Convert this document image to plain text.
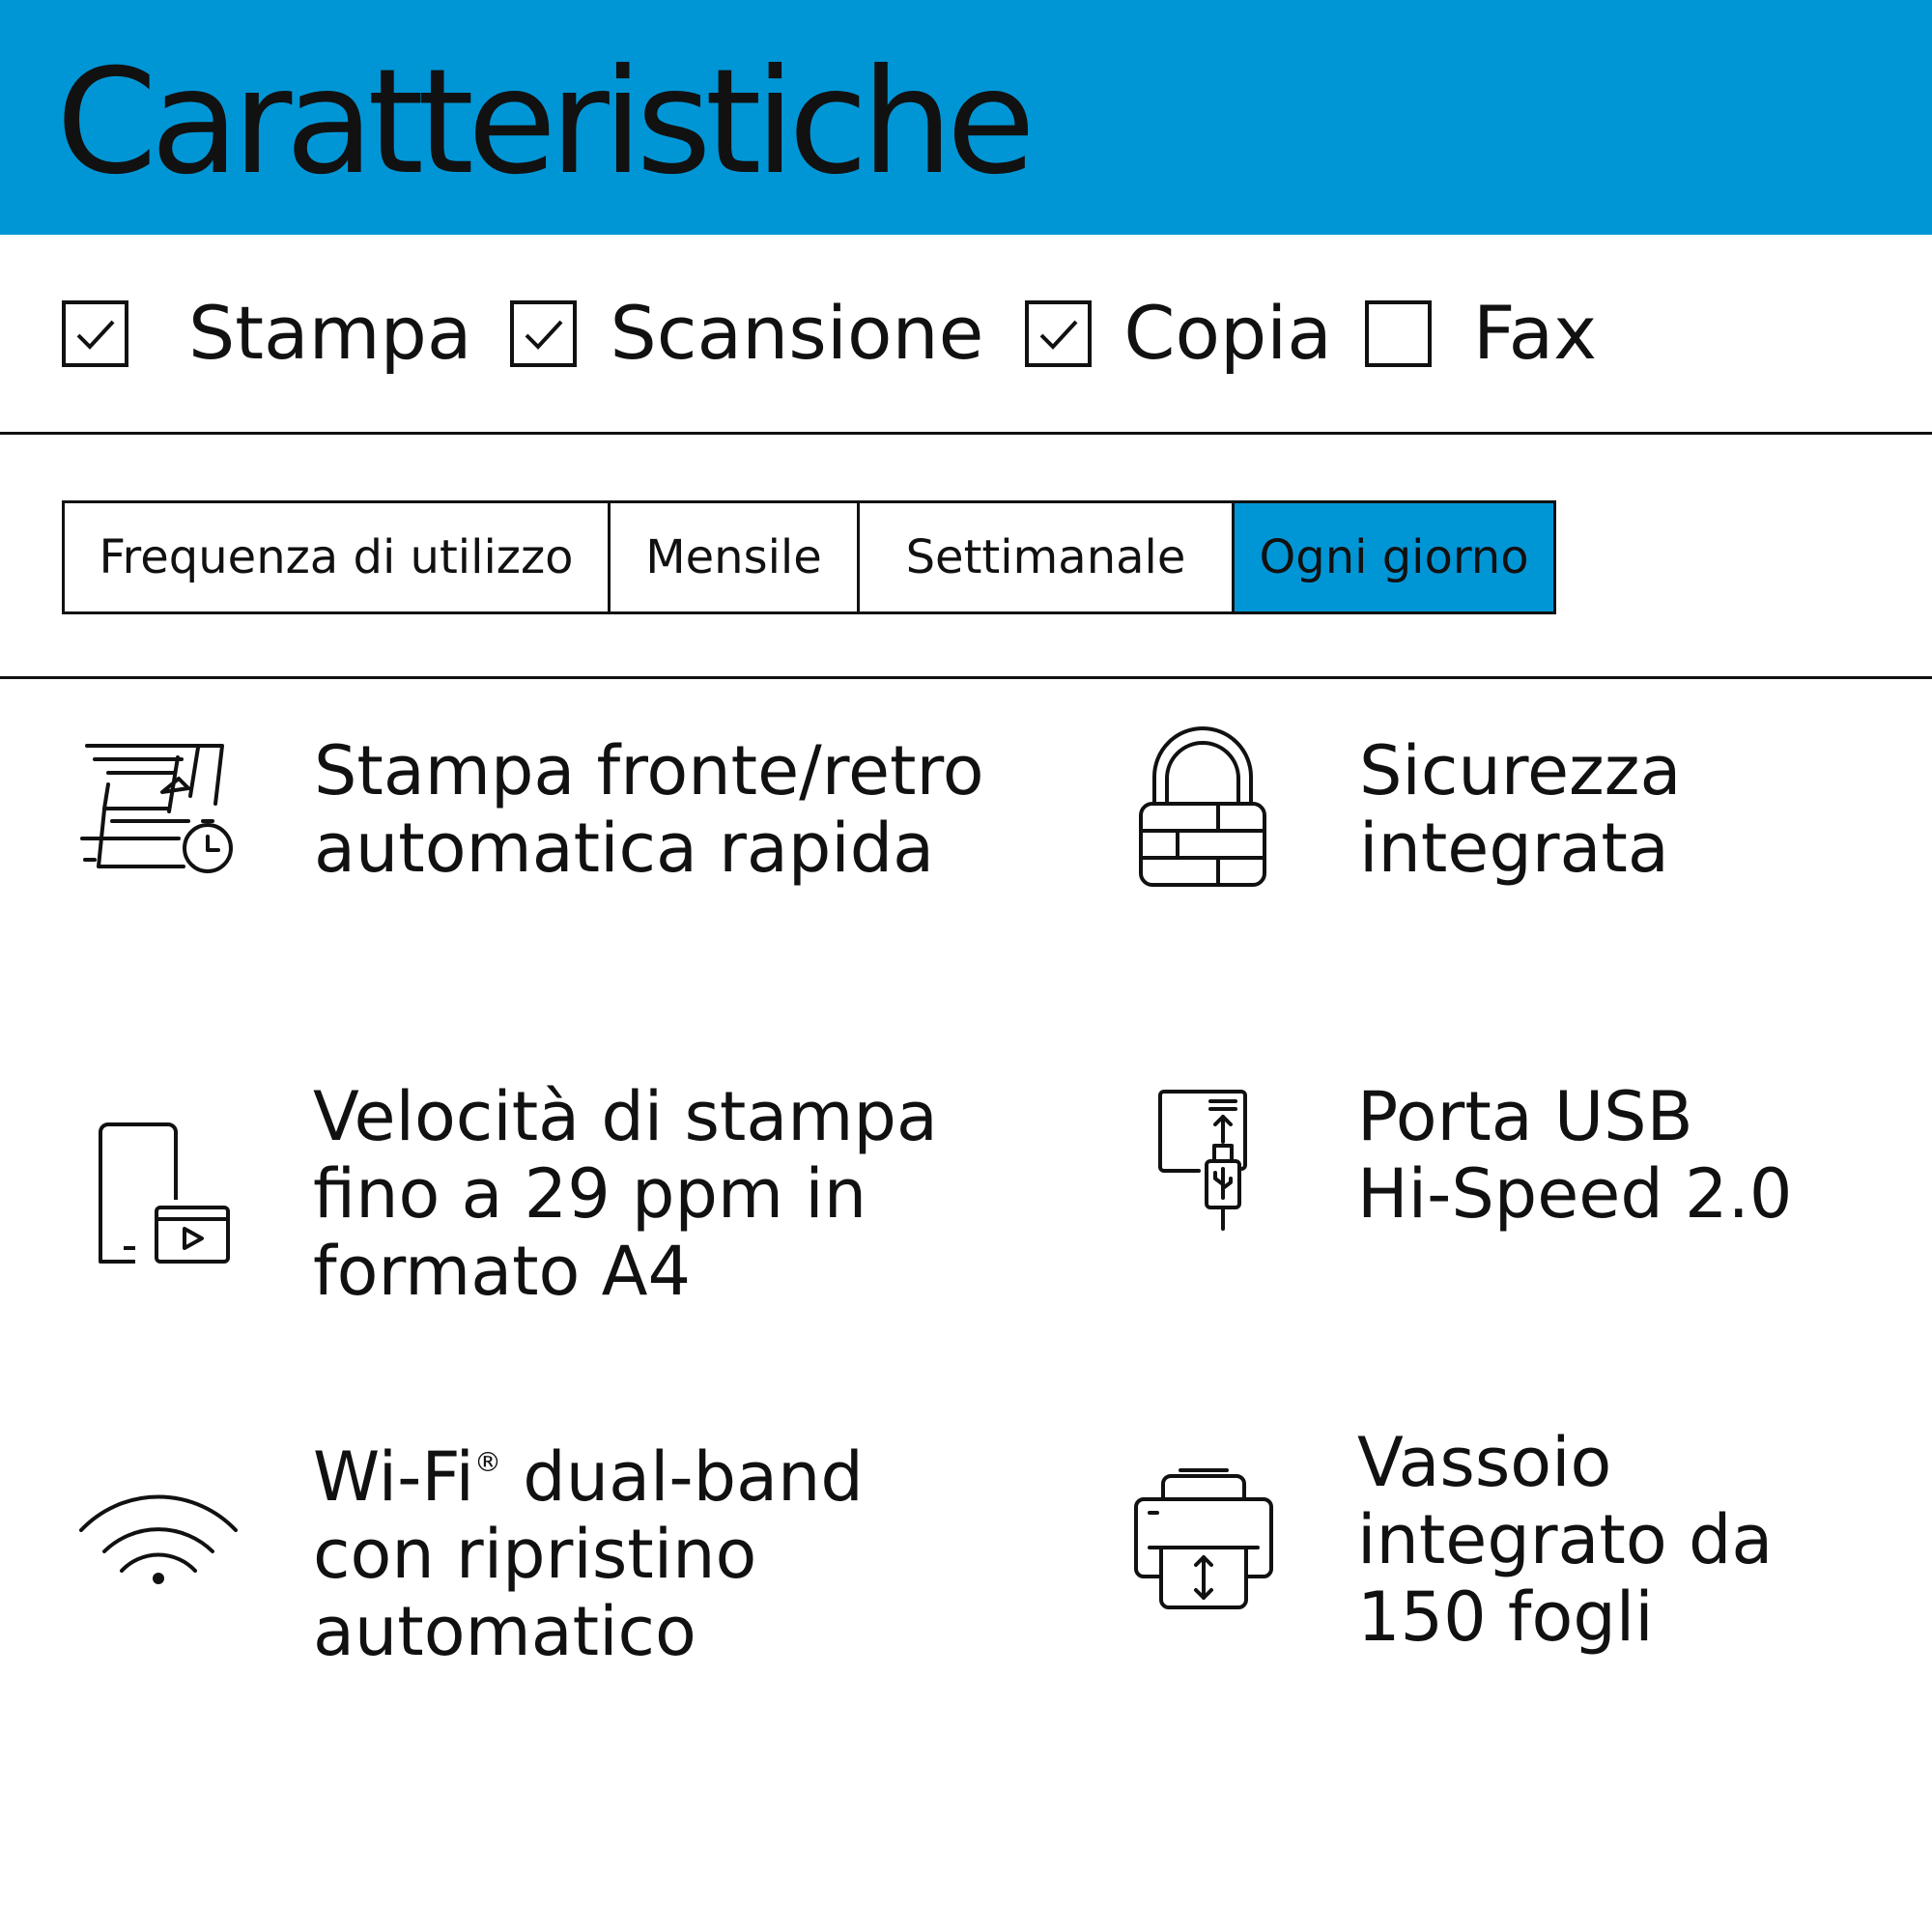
Caratteristiche
Stampa Scansione Copia Fax
Frequenza di utilizzo	Mensile	Settimanale	Ogni giorno
Stampa fronte/retro
automatica rapida
Sicurezza
integrata
Velocità di stampa
fino a 29 ppm in
formato A4
Porta USB
Hi-Speed 2.0
Wi-Fi® dual-band
con ripristino
automatico
Vassoio
integrato da
150 fogli
